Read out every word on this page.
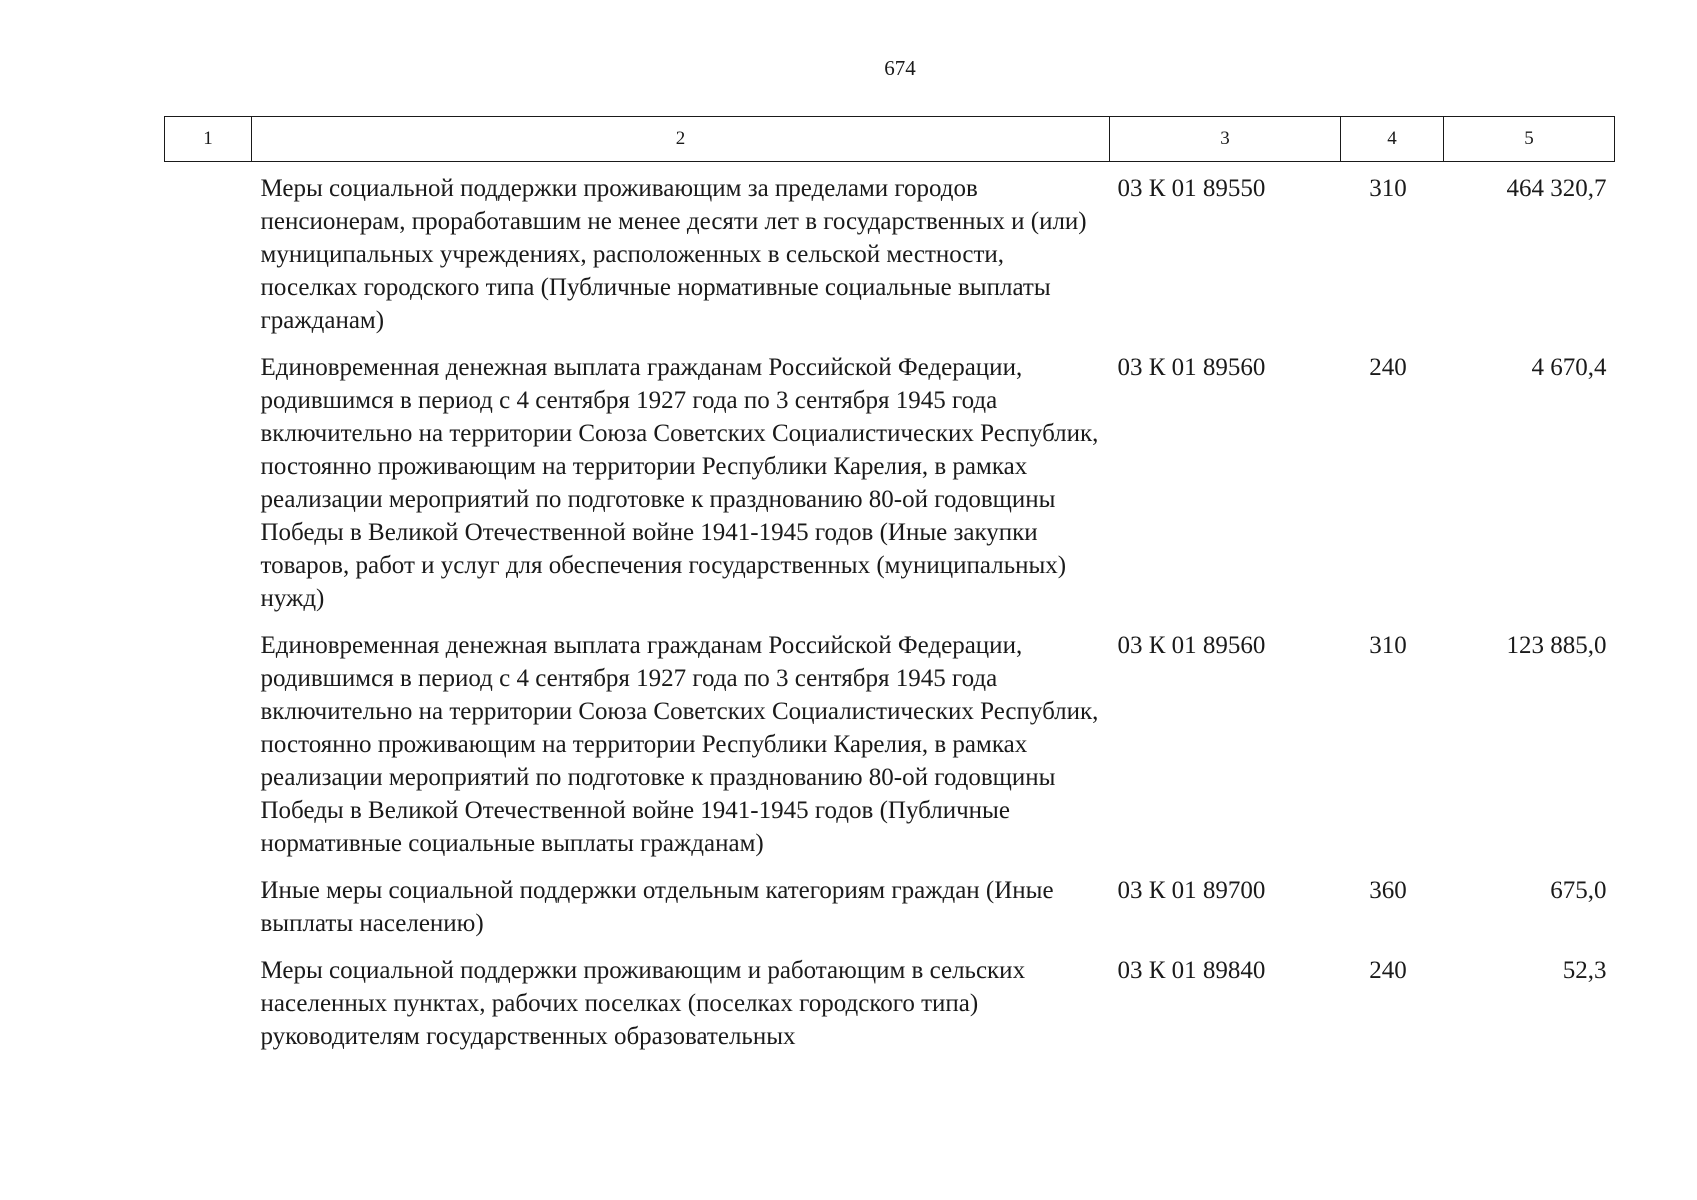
674
1	2	3	4	5
	Меры социальной поддержки проживающим за пределами городов пенсионерам, проработавшим не менее десяти лет в государственных и (или) муниципальных учреждениях, расположенных в сельской местности, поселках городского типа (Публичные нормативные социальные выплаты гражданам)	03 К 01 89550	310	464 320,7
	Единовременная денежная выплата гражданам Российской Федерации, родившимся в период с 4 сентября 1927 года по 3 сентября 1945 года включительно на территории Союза Советских Социалистических Республик, постоянно проживающим на территории Республики Карелия, в рамках реализации мероприятий по подготовке к празднованию 80-ой годовщины Победы в Великой Отечественной войне 1941-1945 годов (Иные закупки товаров, работ и услуг для обеспечения государственных (муниципальных) нужд)	03 К 01 89560	240	4 670,4
	Единовременная денежная выплата гражданам Российской Федерации, родившимся в период с 4 сентября 1927 года по 3 сентября 1945 года включительно на территории Союза Советских Социалистических Республик, постоянно проживающим на территории Республики Карелия, в рамках реализации мероприятий по подготовке к празднованию 80-ой годовщины Победы в Великой Отечественной войне 1941-1945 годов (Публичные нормативные социальные выплаты гражданам)	03 К 01 89560	310	123 885,0
	Иные меры социальной поддержки отдельным категориям граждан (Иные выплаты населению)	03 К 01 89700	360	675,0
	Меры социальной поддержки проживающим и работающим в сельских населенных пунктах, рабочих поселках (поселках городского типа) руководителям государственных образовательных	03 К 01 89840	240	52,3
